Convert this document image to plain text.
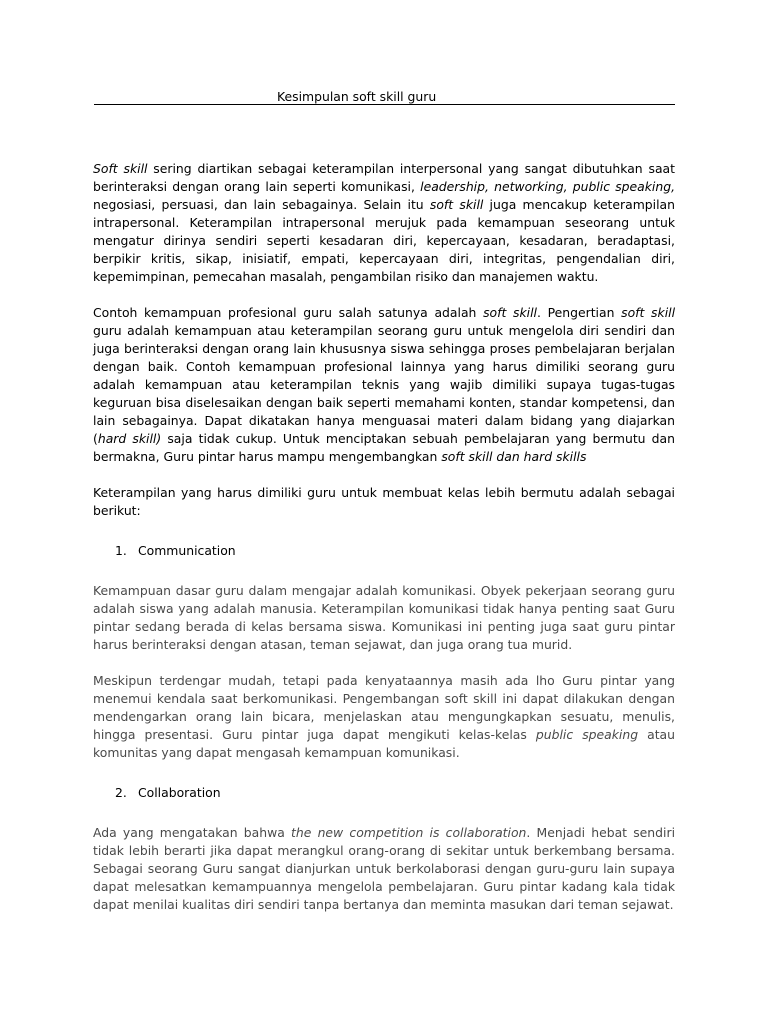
Kesimpulan soft skill guru

Soft skill sering diartikan sebagai keterampilan interpersonal yang sangat dibutuhkan saat berinteraksi dengan orang lain seperti komunikasi, leadership, networking, public speaking, negosiasi, persuasi, dan lain sebagainya. Selain itu soft skill juga mencakup keterampilan intrapersonal. Keterampilan intrapersonal merujuk pada kemampuan seseorang untuk mengatur dirinya sendiri seperti kesadaran diri, kepercayaan, kesadaran, beradaptasi, berpikir kritis, sikap, inisiatif, empati, kepercayaan diri, integritas, pengendalian diri, kepemimpinan, pemecahan masalah, pengambilan risiko dan manajemen waktu.

Contoh kemampuan profesional guru salah satunya adalah soft skill. Pengertian soft skill guru adalah kemampuan atau keterampilan seorang guru untuk mengelola diri sendiri dan juga berinteraksi dengan orang lain khususnya siswa sehingga proses pembelajaran berjalan dengan baik. Contoh kemampuan profesional lainnya yang harus dimiliki seorang guru adalah kemampuan atau keterampilan teknis yang wajib dimiliki supaya tugas-tugas keguruan bisa diselesaikan dengan baik seperti memahami konten, standar kompetensi, dan lain sebagainya. Dapat dikatakan hanya menguasai materi dalam bidang yang diajarkan (hard skill) saja tidak cukup. Untuk menciptakan sebuah pembelajaran yang bermutu dan bermakna, Guru pintar harus mampu mengembangkan soft skill dan hard skills

Keterampilan yang harus dimiliki guru untuk membuat kelas lebih bermutu adalah sebagai berikut:

1. Communication

Kemampuan dasar guru dalam mengajar adalah komunikasi. Obyek pekerjaan seorang guru adalah siswa yang adalah manusia. Keterampilan komunikasi tidak hanya penting saat Guru pintar sedang berada di kelas bersama siswa. Komunikasi ini penting juga saat guru pintar harus berinteraksi dengan atasan, teman sejawat, dan juga orang tua murid.

Meskipun terdengar mudah, tetapi pada kenyataannya masih ada lho Guru pintar yang menemui kendala saat berkomunikasi. Pengembangan soft skill ini dapat dilakukan dengan mendengarkan orang lain bicara, menjelaskan atau mengungkapkan sesuatu, menulis, hingga presentasi. Guru pintar juga dapat mengikuti kelas-kelas public speaking atau komunitas yang dapat mengasah kemampuan komunikasi.

2. Collaboration

Ada yang mengatakan bahwa the new competition is collaboration. Menjadi hebat sendiri tidak lebih berarti jika dapat merangkul orang-orang di sekitar untuk berkembang bersama. Sebagai seorang Guru sangat dianjurkan untuk berkolaborasi dengan guru-guru lain supaya dapat melesatkan kemampuannya mengelola pembelajaran. Guru pintar kadang kala tidak dapat menilai kualitas diri sendiri tanpa bertanya dan meminta masukan dari teman sejawat.
